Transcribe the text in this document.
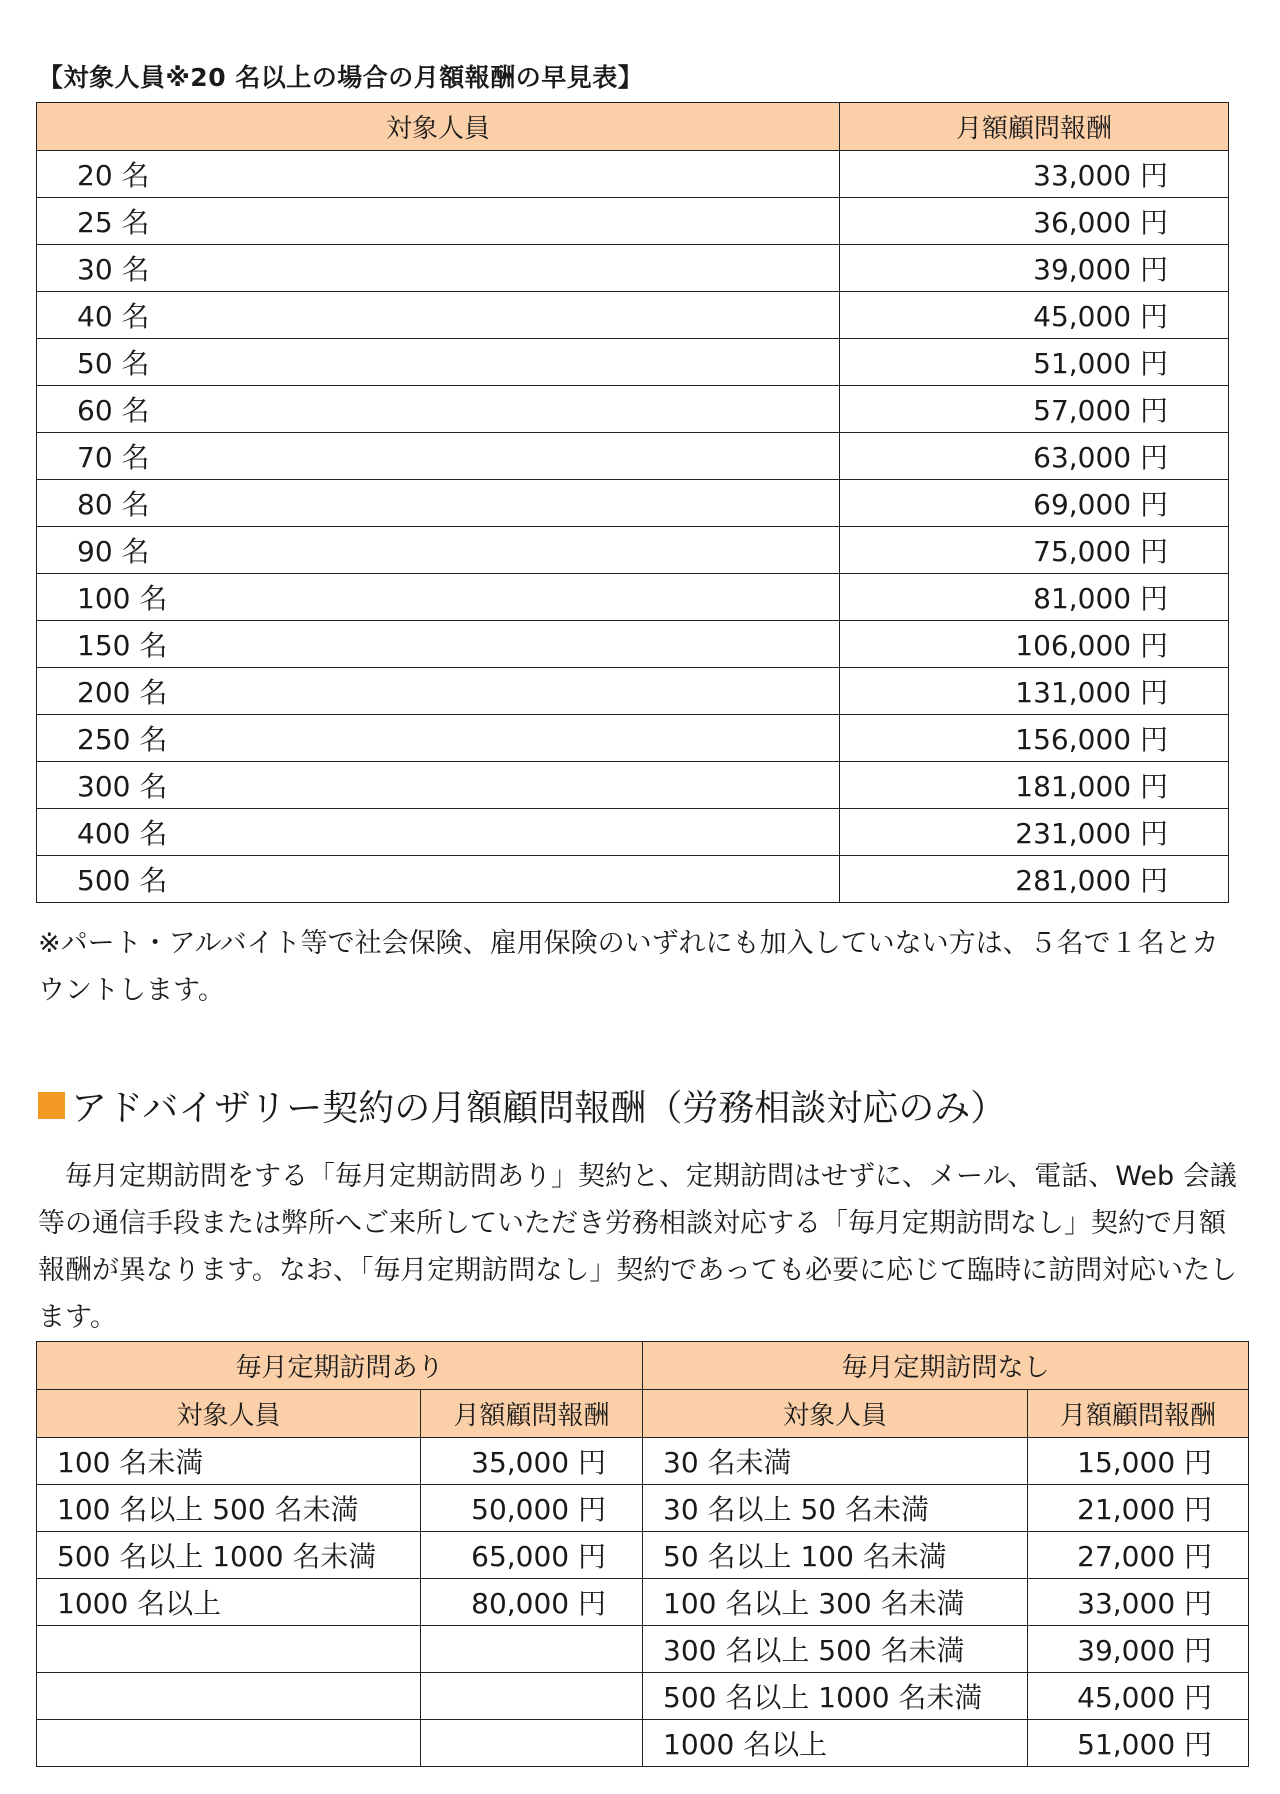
【対象人員※20 名以上の場合の月額報酬の早見表】
対象人員	月額顧問報酬
20 名	33,000 円
25 名	36,000 円
30 名	39,000 円
40 名	45,000 円
50 名	51,000 円
60 名	57,000 円
70 名	63,000 円
80 名	69,000 円
90 名	75,000 円
100 名	81,000 円
150 名	106,000 円
200 名	131,000 円
250 名	156,000 円
300 名	181,000 円
400 名	231,000 円
500 名	281,000 円
※パート・アルバイト等で社会保険、雇用保険のいずれにも加入していない方は、５名で１名とカウントします。
アドバイザリー契約の月額顧問報酬（労務相談対応のみ）
毎月定期訪問をする「毎月定期訪問あり」契約と、定期訪問はせずに、メール、電話、Web 会議等の通信手段または弊所へご来所していただき労務相談対応する「毎月定期訪問なし」契約で月額報酬が異なります。なお、「毎月定期訪問なし」契約であっても必要に応じて臨時に訪問対応いたします。
毎月定期訪問あり		毎月定期訪問なし	
対象人員	月額顧問報酬	対象人員	月額顧問報酬
100 名未満	35,000 円	30 名未満	15,000 円
100 名以上 500 名未満	50,000 円	30 名以上 50 名未満	21,000 円
500 名以上 1000 名未満	65,000 円	50 名以上 100 名未満	27,000 円
1000 名以上	80,000 円	100 名以上 300 名未満	33,000 円
		300 名以上 500 名未満	39,000 円
		500 名以上 1000 名未満	45,000 円
		1000 名以上	51,000 円
